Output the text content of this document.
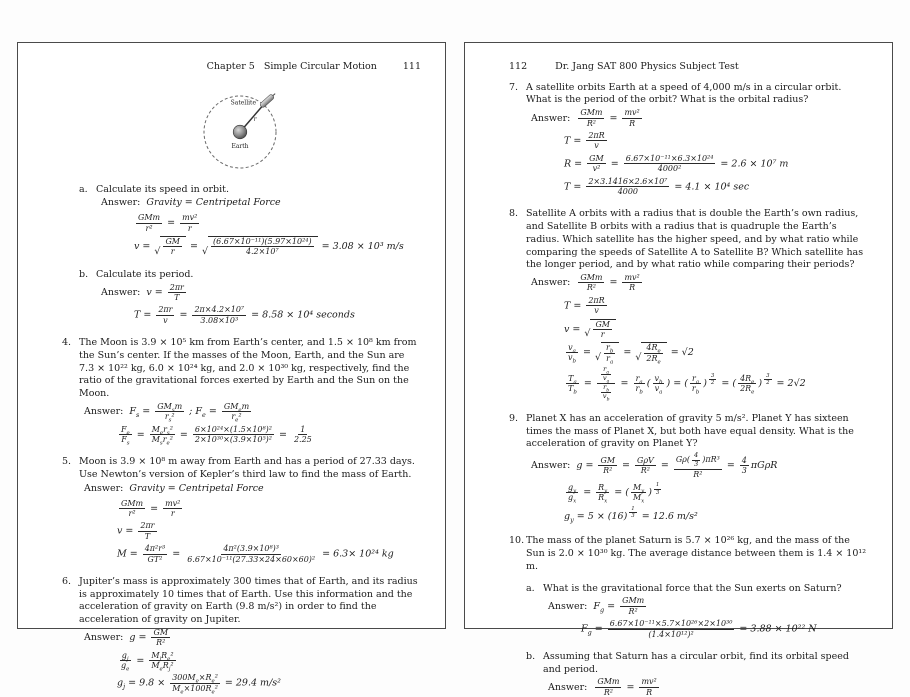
Chapter 5 Simple Circular Motion	111
Satellite
r
Earth
a. Calculate its speed in orbit.
Answer: Gravity = Centripetal Force
GMm
$r^2 = \frac{\text{mv²}}{r}$
v = √ $\frac{GM}{r}$ = √ $\frac{\text{(6.67×10⁻¹¹)(5.97×10²⁴)}}{\text{4.2×10⁷}} = 3.08 \times 10^3$ m/s
b. Calculate its period.
Answer: $v = \frac{2\pi r}{T}$
$T = \frac{2\pi r}{v} = \frac{\text{2π×4.2×10⁷}}{\text{3.08×10³}} = 8.58 \times 10^4$ seconds
4. The Moon is 3.9 × 10⁵ km from Earth’s center, and 1.5 × 10⁸ km from the Sun’s center. If the masses of the Moon, Earth, and the Sun are 7.3 × 10²² kg, 6.0 × 10²⁴ kg, and 2.0 × 10³⁰ kg, respectively, find the ratio of the gravitational forces exerted by Earth and the Sun on the Moon.
Answer: $F_s = GM_sm$
$r_s^2$ ; $F_e = GM_em$
$r_e^2$
$\frac{F_e}{F_s} = M_er_s^2$
$M_sr_e^2 = \frac{\text{6×10²⁴×(1.5×10⁸)²}}{\text{2×10³⁰×(3.9×10⁵)²}} = \frac{1}{2.25}$
5. Moon is 3.9 × 10⁸ m away from Earth and has a period of 27.33 days. Use Newton’s version of Kepler’s third law to find the mass of Earth.
Answer: Gravity = Centripetal Force
GMm
$r^2 = \frac{\text{mv²}}{r}$
$v = \frac{2\pi r}{T}$
$M = \frac{\text{4π²r³}}{\text{GT²}} = \frac{\text{4π²(3.9×10⁸)³}}{\text{6.67×10⁻¹¹(27.33×24×60×60)²}} = 6.3\times 10^{24}$ kg
6. Jupiter’s mass is approximately 300 times that of Earth, and its radius is approximately 10 times that of Earth. Use this information and the acceleration of gravity on Earth (9.8 m/s²) in order to find the acceleration of gravity on Jupiter.
Answer: $g = \frac{GM}{\text{R²}}$
$\frac{g_j}{g_e} = M_jR_e^2$
$M_eR_j^2$
$g_j = 9.8 \times \frac{300M_e\times R_e^2}{M_e\times 100R_e^2} = 29.4$ m/s²
112	Dr. Jang SAT 800 Physics Subject Test
7. A satellite orbits Earth at a speed of 4,000 m/s in a circular orbit. What is the period of the orbit? What is the orbital radius?
Answer: GMm
$R^2 = \frac{\text{mv²}}{R}$
$T = \frac{2\pi R}{v}$
$R = \frac{GM}{\text{v²}} = \frac{\text{6.67×10⁻¹¹×6.3×10²⁴}}{\text{4000²}} = 2.6 \times 10^7$ m
$T = \frac{\text{2×3.1416×2.6×10⁷}}{4000} = 4.1 \times 10^4$ sec
8. Satellite A orbits with a radius that is double the Earth’s own radius, and Satellite B orbits with a radius that is quadruple the Earth’s radius. Which satellite has the higher speed, and by what ratio while comparing the speeds of Satellite A to Satellite B? Which satellite has the longer period, and by what ratio while comparing their periods?
Answer: GMm
$R^2 = \frac{\text{mv²}}{R}$
$T = \frac{2\pi R}{v}$
v = √ $\frac{GM}{r}$
$\frac{v_a}{v_b}$ = √ $\frac{r_b}{r_a}$ = √ $\frac{4R_e}{2R_e} = √2$
$\frac{T_a}{T_b}$ =
$\frac{r_a}{v_a}$
$\frac{r_b}{v_b}$
= $\frac{r_a}{r_b}$ ( $\frac{v_b}{v_a}$ ) = ( $\frac{r_a}{r_b}$ ) $^{\frac{3}{2}}$ = ( $\frac{4R_e}{2R_e}$ ) $^{\frac{3}{2}}$ = 2√2
9. Planet X has an acceleration of gravity 5 m/s². Planet Y has sixteen times the mass of Planet X, but both have equal density. What is the acceleration of gravity on Planet Y?
Answer: $g = \frac{GM}{\text{R²}} = G\rho V$
$R^2 = \frac{G\rho( \frac{4}{3} )\pi R^3}{\text{R²}} = \frac{4}{3}$ πGρR
$\frac{g_y}{g_x} = \frac{R_y}{R_x}$ = ( $\frac{M_y}{M_x}$ ) $^{\frac{1}{3}}$
$g_y = 5 \times (16) ^{\frac{1}{3}} = 12.6$ m/s²
10. The mass of the planet Saturn is 5.7 × 10²⁶ kg, and the mass of the Sun is 2.0 × 10³⁰ kg. The average distance between them is 1.4 × 10¹² m.
a. What is the gravitational force that the Sun exerts on Saturn?
Answer: $F_g$ = GMm
R²
$F_g = \frac{\text{6.67×10⁻¹¹×5.7×10²⁶×2×10³⁰}}{\text{(1.4×10¹²)²}} = 3.88 \times 10^{22}$ N
b. Assuming that Saturn has a circular orbit, find its orbital speed and period.
Answer: GMm
$R^2 = \frac{\text{mv²}}{R}$
